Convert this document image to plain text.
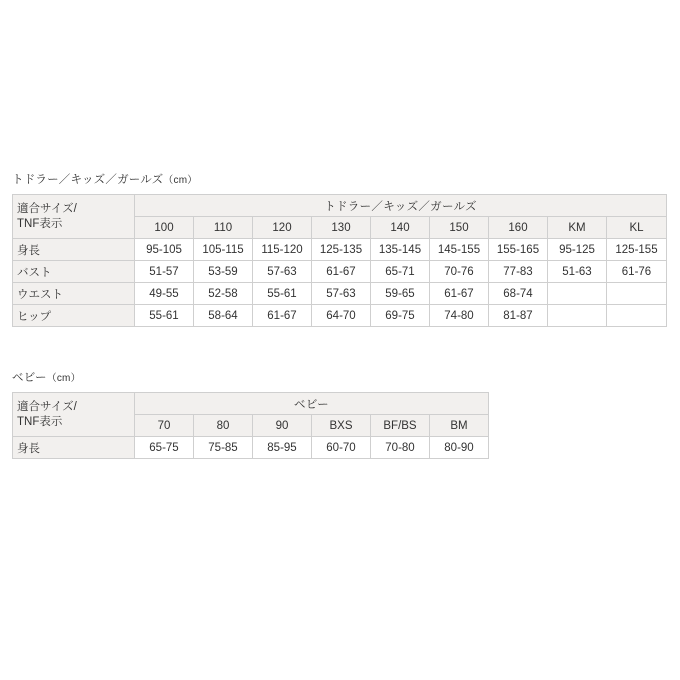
トドラー／キッズ／ガールズ（cm）
適合サイズ/
TNF表示	トドラー／キッズ／ガールズ								
	100	110	120	130	140	150	160	KM	KL
身長	95-105	105-115	115-120	125-135	135-145	145-155	155-165	95-125	125-155
バスト	51-57	53-59	57-63	61-67	65-71	70-76	77-83	51-63	61-76
ウエスト	49-55	52-58	55-61	57-63	59-65	61-67	68-74		
ヒップ	55-61	58-64	61-67	64-70	69-75	74-80	81-87		
ベビー（cm）
適合サイズ/
TNF表示	ベビー					
	70	80	90	BXS	BF/BS	BM
身長	65-75	75-85	85-95	60-70	70-80	80-90
